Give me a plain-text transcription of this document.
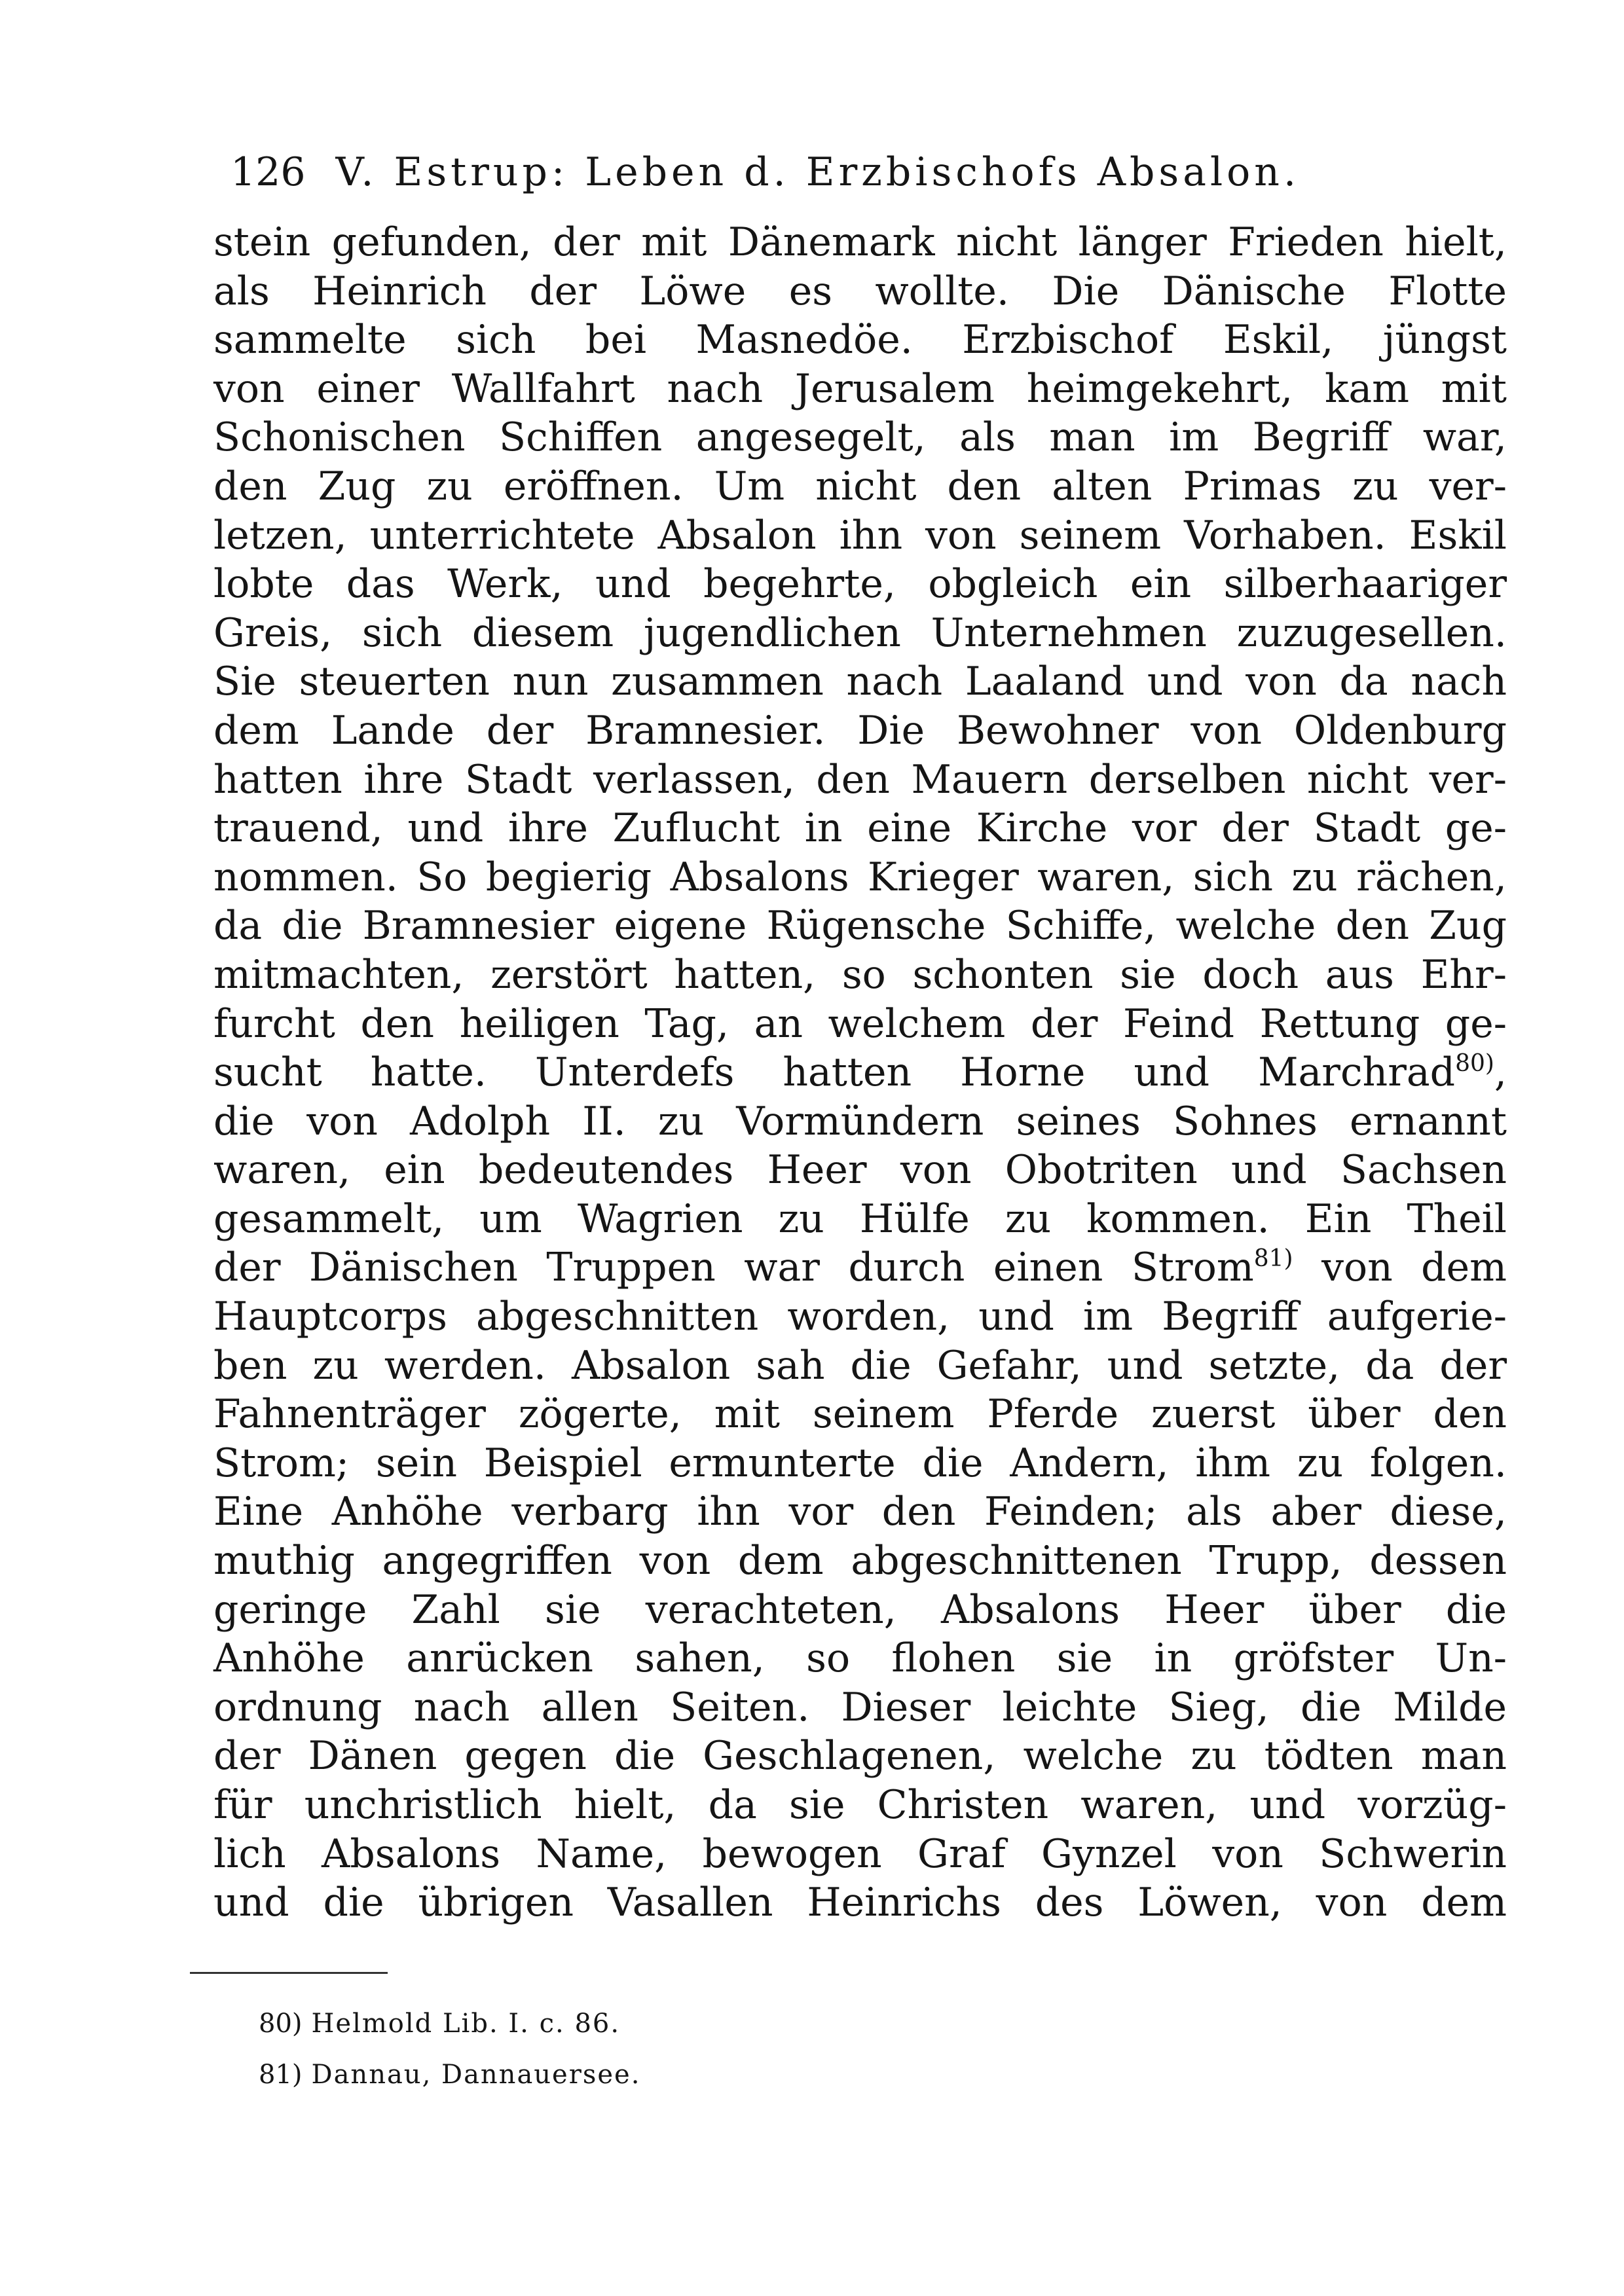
126 V. Estrup: Leben d. Erzbischofs Absalon.
stein gefunden, der mit Dänemark nicht länger Frieden hielt,
als Heinrich der Löwe es wollte. Die Dänische Flotte
sammelte sich bei Masnedöe. Erzbischof Eskil, jüngst
von einer Wallfahrt nach Jerusalem heimgekehrt, kam mit
Schonischen Schiffen angesegelt, als man im Begriff war,
den Zug zu eröffnen. Um nicht den alten Primas zu ver-
letzen, unterrichtete Absalon ihn von seinem Vorhaben. Eskil
lobte das Werk, und begehrte, obgleich ein silberhaariger
Greis, sich diesem jugendlichen Unternehmen zuzugesellen.
Sie steuerten nun zusammen nach Laaland und von da nach
dem Lande der Bramnesier. Die Bewohner von Oldenburg
hatten ihre Stadt verlassen, den Mauern derselben nicht ver-
trauend, und ihre Zuflucht in eine Kirche vor der Stadt ge-
nommen. So begierig Absalons Krieger waren, sich zu rächen,
da die Bramnesier eigene Rügensche Schiffe, welche den Zug
mitmachten, zerstört hatten, so schonten sie doch aus Ehr-
furcht den heiligen Tag, an welchem der Feind Rettung ge-
sucht hatte. Unterdefs hatten Horne und Marchrad$^{80)}$,
die von Adolph II. zu Vormündern seines Sohnes ernannt
waren, ein bedeutendes Heer von Obotriten und Sachsen
gesammelt, um Wagrien zu Hülfe zu kommen. Ein Theil
der Dänischen Truppen war durch einen Strom$^{81)}$ von dem
Hauptcorps abgeschnitten worden, und im Begriff aufgerie-
ben zu werden. Absalon sah die Gefahr, und setzte, da der
Fahnenträger zögerte, mit seinem Pferde zuerst über den
Strom; sein Beispiel ermunterte die Andern, ihm zu folgen.
Eine Anhöhe verbarg ihn vor den Feinden; als aber diese,
muthig angegriffen von dem abgeschnittenen Trupp, dessen
geringe Zahl sie verachteten, Absalons Heer über die
Anhöhe anrücken sahen, so flohen sie in gröfster Un-
ordnung nach allen Seiten. Dieser leichte Sieg, die Milde
der Dänen gegen die Geschlagenen, welche zu tödten man
für unchristlich hielt, da sie Christen waren, und vorzüg-
lich Absalons Name, bewogen Graf Gynzel von Schwerin
und die übrigen Vasallen Heinrichs des Löwen, von dem
80) Helmold Lib. I. c. 86.
81) Dannau, Dannauersee.
